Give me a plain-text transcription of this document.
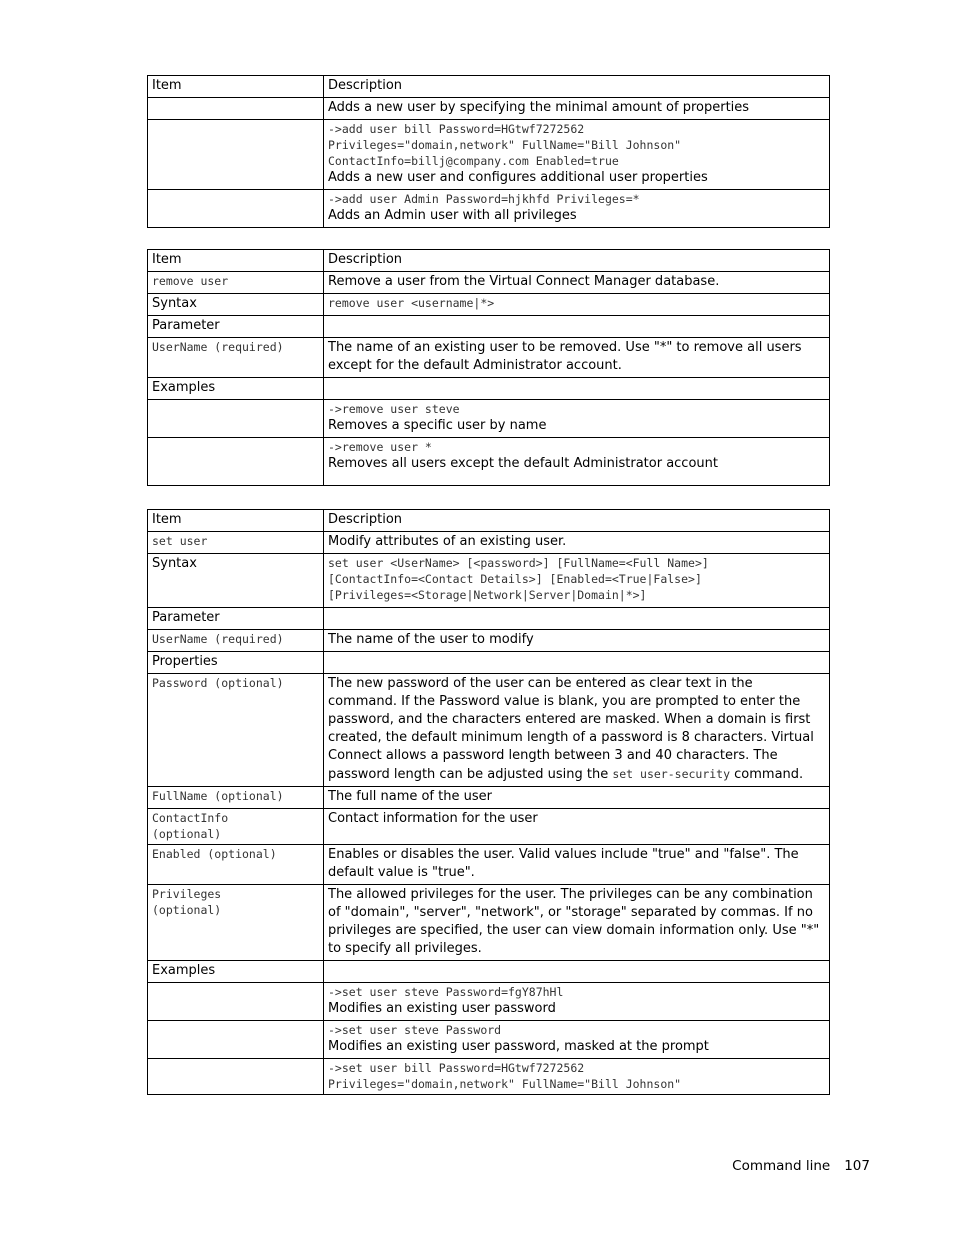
Item	Description
	Adds a new user by specifying the minimal amount of properties

	->add user bill Password=HGtwf7272562
Privileges="domain,network" FullName="Bill Johnson"
ContactInfo=billj@company.com Enabled=true
Adds a new user and configures additional user properties

	->add user Admin Password=hjkhfd Privileges=*
Adds an Admin user with all privileges
Item	Description

remove user	Remove a user from the Virtual Connect Manager database.
Syntax	remove user <username|*>

Parameter	

UserName (required)	The name of an existing user to be removed. Use "*" to remove all users except for the default Administrator account.
Examples	

	->remove user steve
Removes a specific user by name

	->remove user *
Removes all users except the default Administrator account
Item	Description

set user	Modify attributes of an existing user.
Syntax	set user <UserName> [<password>] [FullName=<Full Name>]
[ContactInfo=<Contact Details>] [Enabled=<True|False>]
[Privileges=<Storage|Network|Server|Domain|*>]

Parameter	

UserName (required)	The name of the user to modify
Properties	

Password (optional)	The new password of the user can be entered as clear text in the command. If the Password value is blank, you are prompted to enter the password, and the characters entered are masked. When a domain is first created, the default minimum length of a password is 8 characters. Virtual Connect allows a password length between 3 and 40 characters. The password length can be adjusted using the set user-security command.

FullName (optional)	The full name of the user

ContactInfo
(optional)	Contact information for the user

Enabled (optional)	Enables or disables the user. Valid values include "true" and "false". The default value is "true".

Privileges
(optional)	The allowed privileges for the user. The privileges can be any combination of "domain", "server", "network", or "storage" separated by commas. If no privileges are specified, the user can view domain information only. Use "*" to specify all privileges.
Examples	

	->set user steve Password=fgY87hHl
Modifies an existing user password

	->set user steve Password
Modifies an existing user password, masked at the prompt

	->set user bill Password=HGtwf7272562
Privileges="domain,network" FullName="Bill Johnson"
Command line 107
